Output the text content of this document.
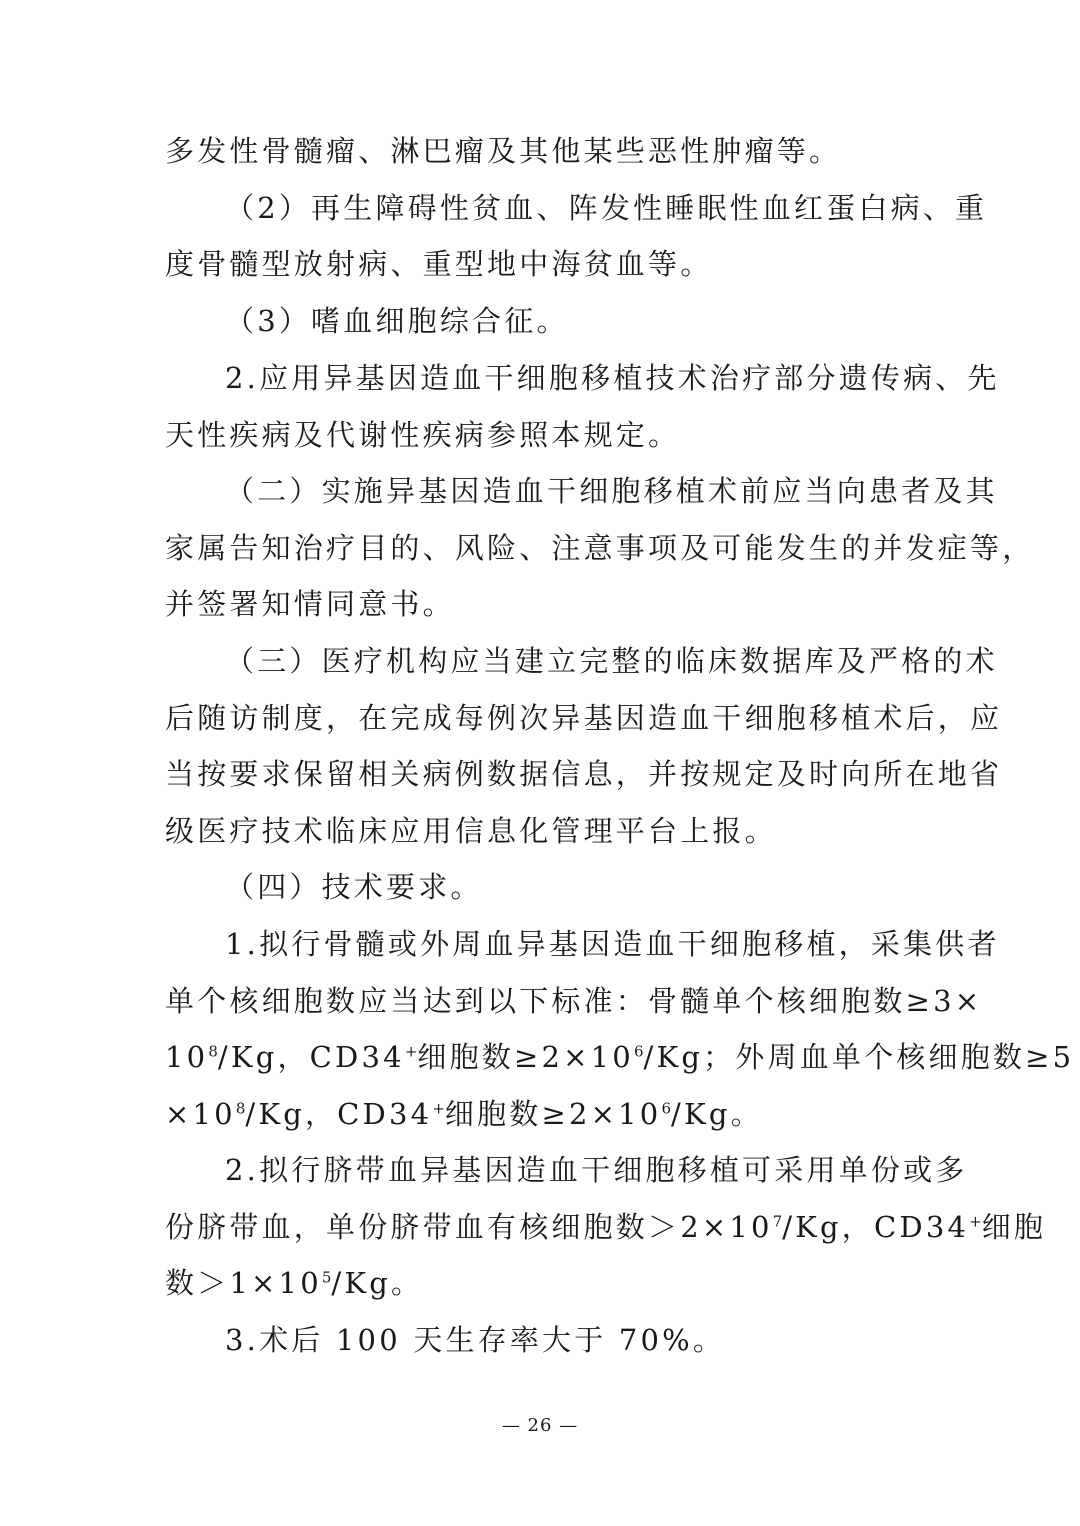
多发性骨髓瘤、淋巴瘤及其他某些恶性肿瘤等。
（2）再生障碍性贫血、阵发性睡眠性血红蛋白病、重
度骨髓型放射病、重型地中海贫血等。
（3）嗜血细胞综合征。
2.应用异基因造血干细胞移植技术治疗部分遗传病、先
天性疾病及代谢性疾病参照本规定。
（二）实施异基因造血干细胞移植术前应当向患者及其
家属告知治疗目的、风险、注意事项及可能发生的并发症等，
并签署知情同意书。
（三）医疗机构应当建立完整的临床数据库及严格的术
后随访制度，在完成每例次异基因造血干细胞移植术后，应
当按要求保留相关病例数据信息，并按规定及时向所在地省
级医疗技术临床应用信息化管理平台上报。
（四）技术要求。
1.拟行骨髓或外周血异基因造血干细胞移植，采集供者
单个核细胞数应当达到以下标准：骨髓单个核细胞数≥3×
$10^8/Kg$，CD34+细胞数$\ge 2\times 10^6/Kg$；外周血单个核细胞数≥5
$\times 10^8/Kg$，CD34+细胞数$\ge 2\times 10^6/Kg$。
2.拟行脐带血异基因造血干细胞移植可采用单份或多
份脐带血，单份脐带血有核细胞数$>2\times 10^7/Kg$，CD34+细胞
数$>1\times 10^5/Kg$。
3.术后 100 天生存率大于 70%。
— 26 —
